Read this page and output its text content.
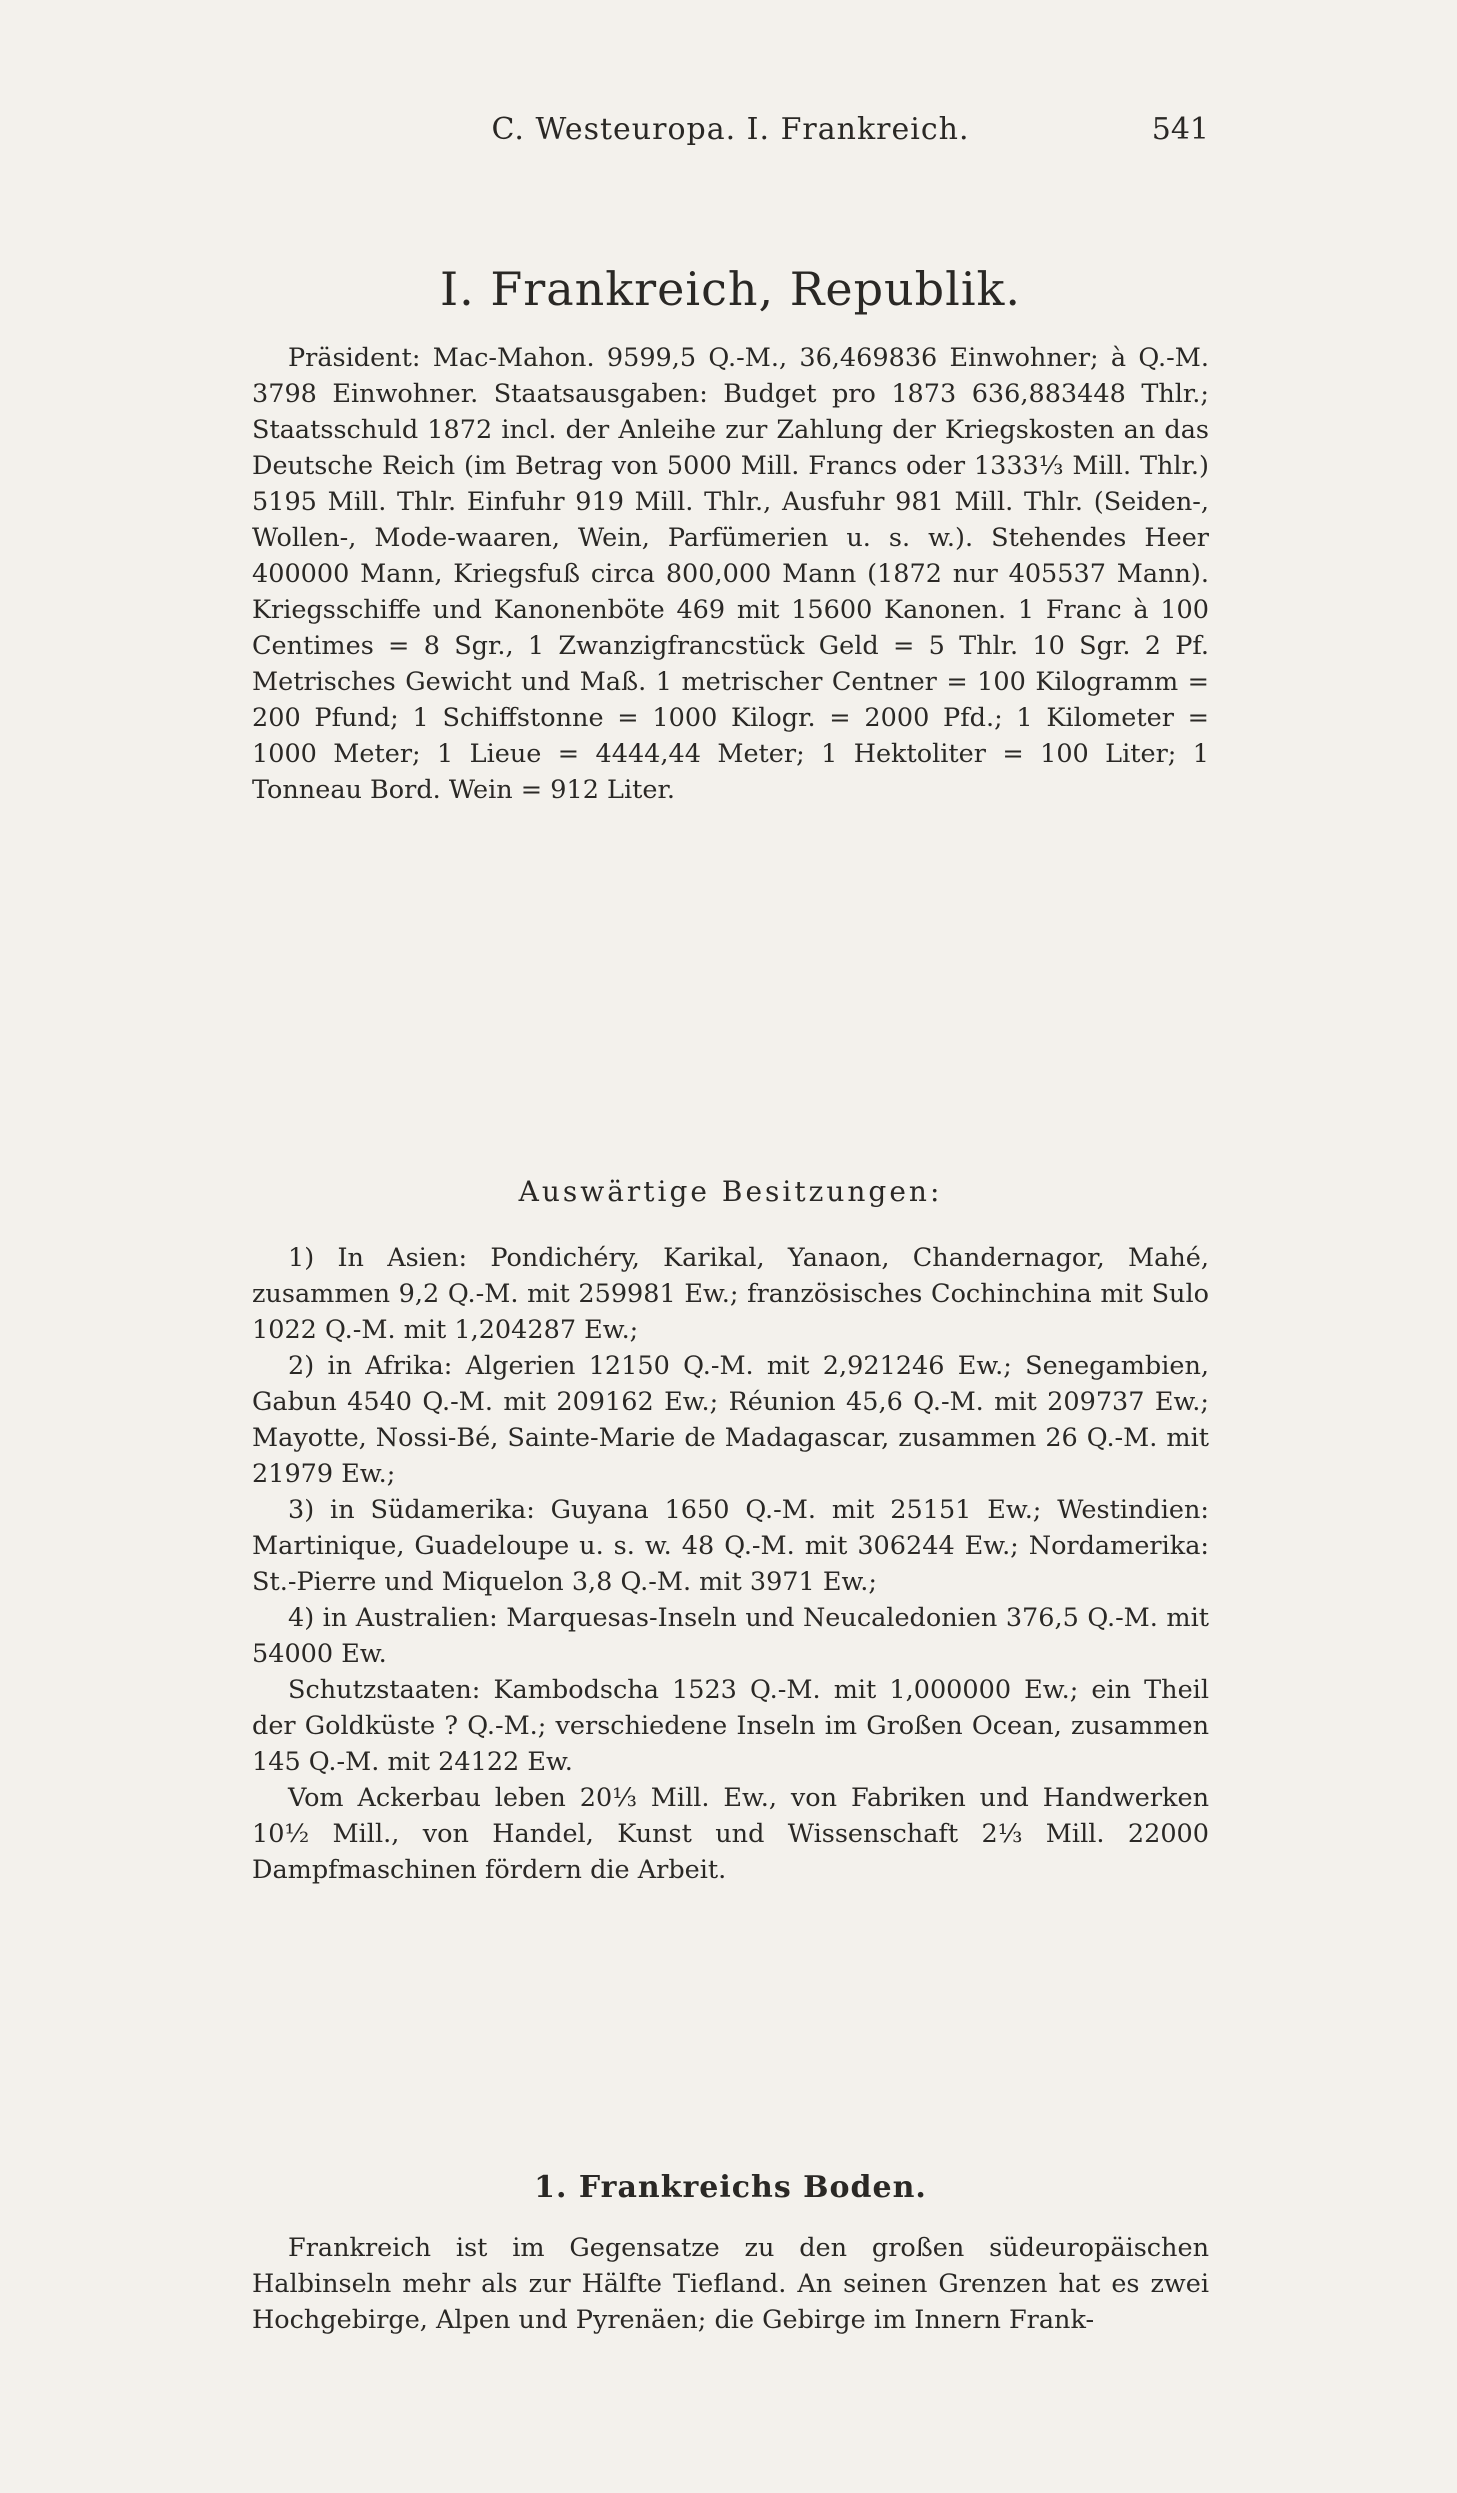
C. Westeuropa. I. Frankreich.	541
I. Frankreich, Republik.
Präsident: Mac-Mahon. 9599,5 Q.-M., 36,469836 Einwohner; à Q.-M. 3798 Einwohner. Staatsausgaben: Budget pro 1873 636,883448 Thlr.; Staatsschuld 1872 incl. der Anleihe zur Zahlung der Kriegskosten an das Deutsche Reich (im Betrag von 5000 Mill. Francs oder 1333⅓ Mill. Thlr.) 5195 Mill. Thlr. Einfuhr 919 Mill. Thlr., Ausfuhr 981 Mill. Thlr. (Seiden-, Wollen-, Mode-waaren, Wein, Parfümerien u. s. w.). Stehendes Heer 400000 Mann, Kriegsfuß circa 800,000 Mann (1872 nur 405537 Mann). Kriegsschiffe und Kanonenböte 469 mit 15600 Kanonen. 1 Franc à 100 Centimes = 8 Sgr., 1 Zwanzigfrancstück Geld = 5 Thlr. 10 Sgr. 2 Pf. Metrisches Gewicht und Maß. 1 metrischer Centner = 100 Kilogramm = 200 Pfund; 1 Schiffstonne = 1000 Kilogr. = 2000 Pfd.; 1 Kilometer = 1000 Meter; 1 Lieue = 4444,44 Meter; 1 Hektoliter = 100 Liter; 1 Tonneau Bord. Wein = 912 Liter.
Auswärtige Besitzungen:

1) In Asien: Pondichéry, Karikal, Yanaon, Chandernagor, Mahé, zusammen 9,2 Q.-M. mit 259981 Ew.; französisches Cochinchina mit Sulo 1022 Q.-M. mit 1,204287 Ew.;

2) in Afrika: Algerien 12150 Q.-M. mit 2,921246 Ew.; Senegambien, Gabun 4540 Q.-M. mit 209162 Ew.; Réunion 45,6 Q.-M. mit 209737 Ew.; Mayotte, Nossi-Bé, Sainte-Marie de Madagascar, zusammen 26 Q.-M. mit 21979 Ew.;

3) in Südamerika: Guyana 1650 Q.-M. mit 25151 Ew.; Westindien: Martinique, Guadeloupe u. s. w. 48 Q.-M. mit 306244 Ew.; Nordamerika: St.-Pierre und Miquelon 3,8 Q.-M. mit 3971 Ew.;

4) in Australien: Marquesas-Inseln und Neucaledonien 376,5 Q.-M. mit 54000 Ew.

Schutzstaaten: Kambodscha 1523 Q.-M. mit 1,000000 Ew.; ein Theil der Goldküste ? Q.-M.; verschiedene Inseln im Großen Ocean, zusammen 145 Q.-M. mit 24122 Ew.

Vom Ackerbau leben 20⅓ Mill. Ew., von Fabriken und Handwerken 10½ Mill., von Handel, Kunst und Wissenschaft 2⅓ Mill. 22000 Dampfmaschinen fördern die Arbeit.

1. Frankreichs Boden.
Frankreich ist im Gegensatze zu den großen südeuropäischen Halbinseln mehr als zur Hälfte Tiefland. An seinen Grenzen hat es zwei Hochgebirge, Alpen und Pyrenäen; die Gebirge im Innern Frank-
